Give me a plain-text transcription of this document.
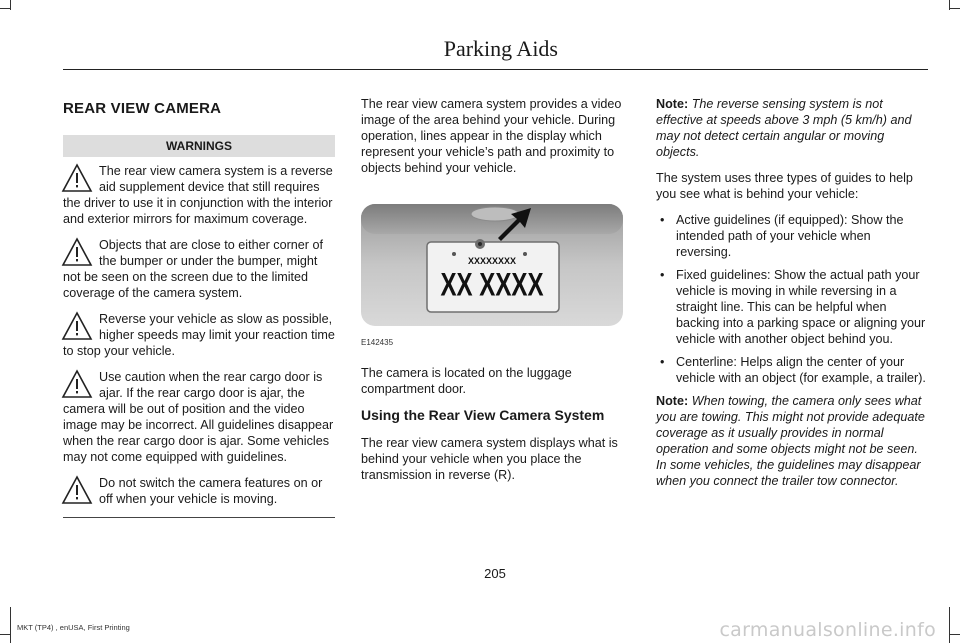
Parking Aids
REAR VIEW CAMERA
WARNINGS
The rear view camera system is a reverse aid supplement device that still requires the driver to use it in conjunction with the interior and exterior mirrors for maximum coverage.
Objects that are close to either corner of the bumper or under the bumper, might not be seen on the screen due to the limited coverage of the camera system.
Reverse your vehicle as slow as possible, higher speeds may limit your reaction time to stop your vehicle.
Use caution when the rear cargo door is ajar. If the rear cargo door is ajar, the camera will be out of position and the video image may be incorrect. All guidelines disappear when the rear cargo door is ajar. Some vehicles may not come equipped with guidelines.
Do not switch the camera features on or off when your vehicle is moving.

The rear view camera system provides a video image of the area behind your vehicle. During operation, lines appear in the display which represent your vehicle’s path and proximity to objects behind your vehicle.

XXXXXXXX
XX XXXX
E142435

The camera is located on the luggage compartment door.

Using the Rear View Camera System

The rear view camera system displays what is behind your vehicle when you place the transmission in reverse (R).

Note: The reverse sensing system is not effective at speeds above 3 mph (5 km/h) and may not detect certain angular or moving objects.

The system uses three types of guides to help you see what is behind your vehicle:

• Active guidelines (if equipped): Show the intended path of your vehicle when reversing.
• Fixed guidelines: Show the actual path your vehicle is moving in while reversing in a straight line. This can be helpful when backing into a parking space or aligning your vehicle with another object behind you.
• Centerline: Helps align the center of your vehicle with an object (for example, a trailer).

Note: When towing, the camera only sees what you are towing. This might not provide adequate coverage as it usually provides in normal operation and some objects might not be seen. In some vehicles, the guidelines may disappear when you connect the trailer tow connector.

205
MKT (TP4) , enUSA, First Printing	carmanualsonline.info
